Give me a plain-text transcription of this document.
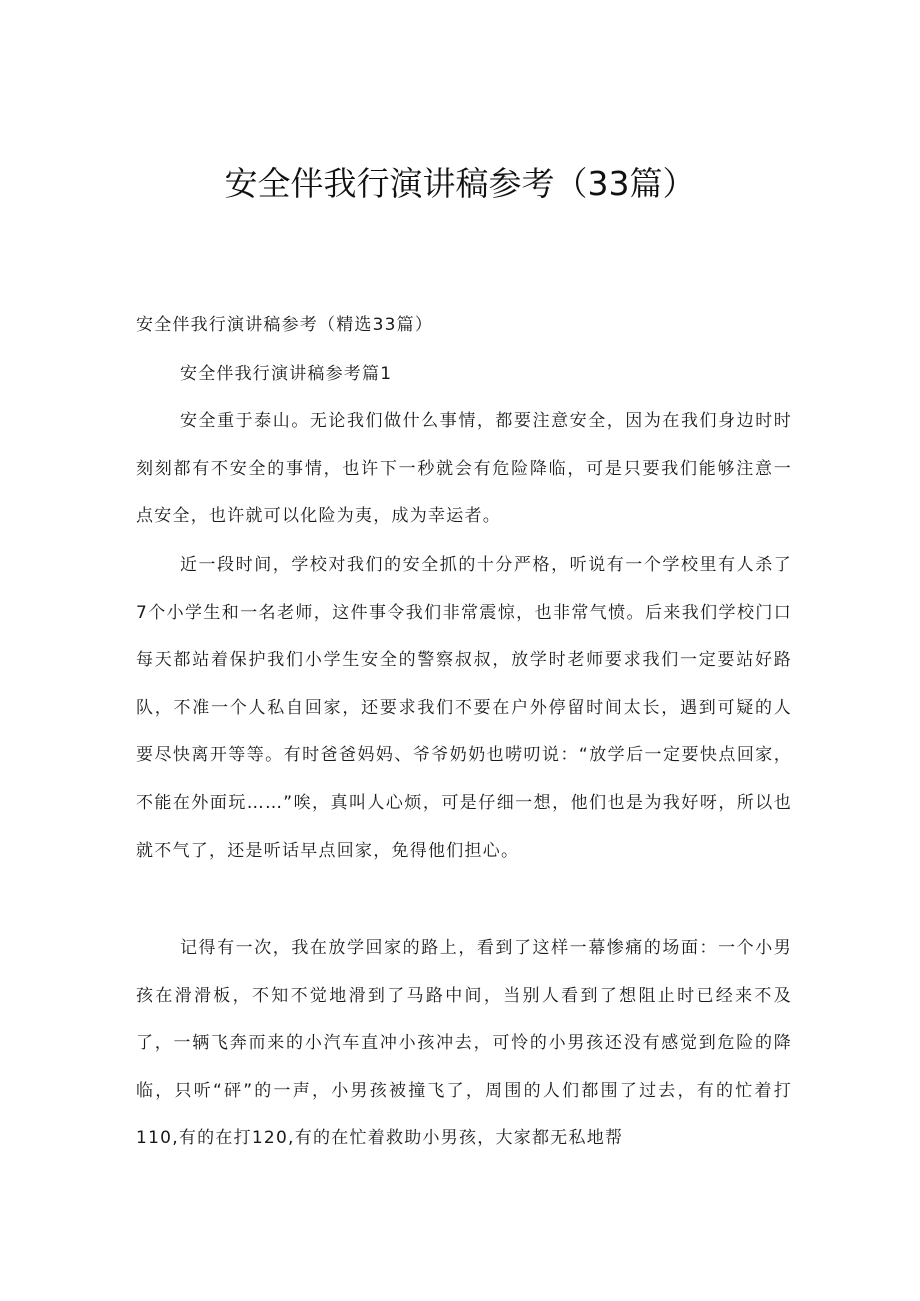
安全伴我行演讲稿参考（33篇）

安全伴我行演讲稿参考（精选33篇）

安全伴我行演讲稿参考篇1

安全重于泰山。无论我们做什么事情，都要注意安全，因为在我们身边时时刻刻都有不安全的事情，也许下一秒就会有危险降临，可是只要我们能够注意一点安全，也许就可以化险为夷，成为幸运者。

近一段时间，学校对我们的安全抓的十分严格，听说有一个学校里有人杀了7个小学生和一名老师，这件事令我们非常震惊，也非常气愤。后来我们学校门口每天都站着保护我们小学生安全的警察叔叔，放学时老师要求我们一定要站好路队，不准一个人私自回家，还要求我们不要在户外停留时间太长，遇到可疑的人要尽快离开等等。有时爸爸妈妈、爷爷奶奶也唠叨说：“放学后一定要快点回家，不能在外面玩……”唉，真叫人心烦，可是仔细一想，他们也是为我好呀，所以也就不气了，还是听话早点回家，免得他们担心。

记得有一次，我在放学回家的路上，看到了这样一幕惨痛的场面：一个小男孩在滑滑板，不知不觉地滑到了马路中间，当别人看到了想阻止时已经来不及了，一辆飞奔而来的小汽车直冲小孩冲去，可怜的小男孩还没有感觉到危险的降临，只听“砰”的一声，小男孩被撞飞了，周围的人们都围了过去，有的忙着打110,有的在打120,有的在忙着救助小男孩，大家都无私地帮
